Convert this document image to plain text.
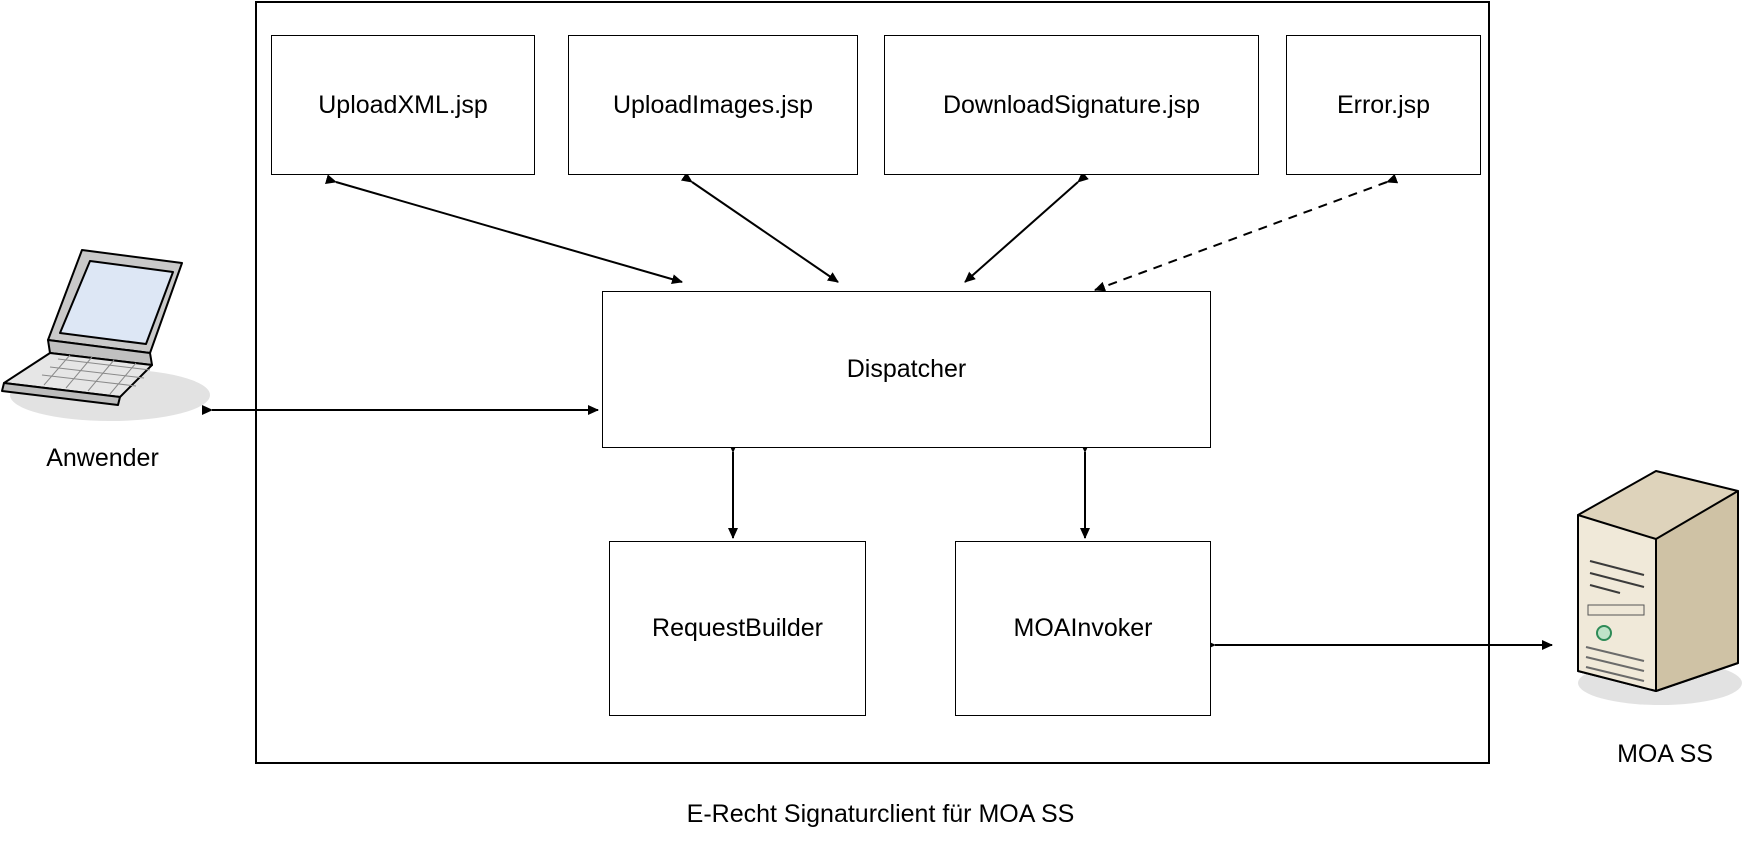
UploadXML.jsp	UploadImages.jsp	DownloadSignature.jsp	Error.jsp
Dispatcher
RequestBuilder	MOAInvoker
Anwender
MOA SS
E-Recht Signaturclient für MOA SS
